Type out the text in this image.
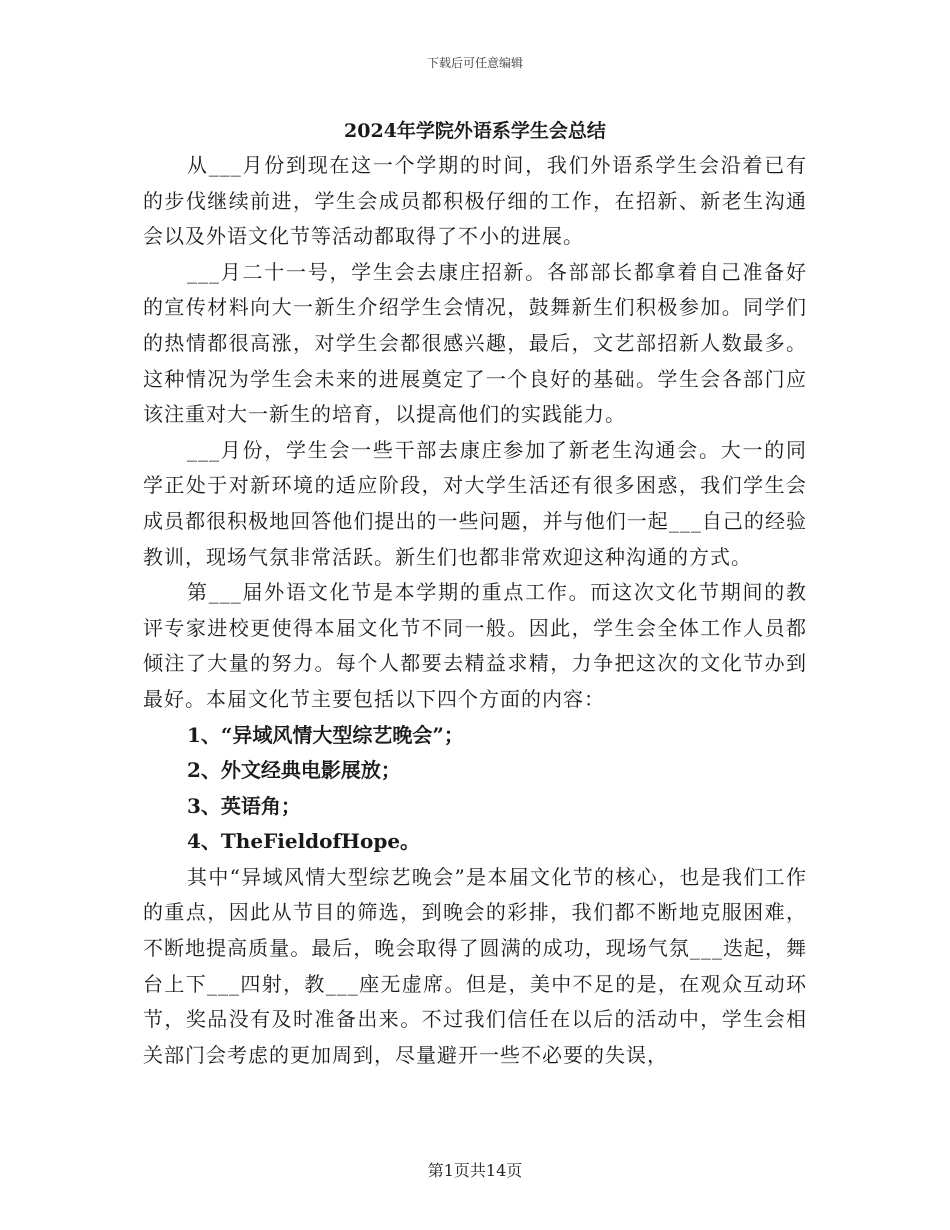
下载后可任意编辑
2024年学院外语系学生会总结

从___月份到现在这一个学期的时间，我们外语系学生会沿着已有的步伐继续前进，学生会成员都积极仔细的工作，在招新、新老生沟通会以及外语文化节等活动都取得了不小的进展。

___月二十一号，学生会去康庄招新。各部部长都拿着自己准备好的宣传材料向大一新生介绍学生会情况，鼓舞新生们积极参加。同学们的热情都很高涨，对学生会都很感兴趣，最后，文艺部招新人数最多。这种情况为学生会未来的进展奠定了一个良好的基础。学生会各部门应该注重对大一新生的培育，以提高他们的实践能力。

___月份，学生会一些干部去康庄参加了新老生沟通会。大一的同学正处于对新环境的适应阶段，对大学生活还有很多困惑，我们学生会成员都很积极地回答他们提出的一些问题，并与他们一起___自己的经验教训，现场气氛非常活跃。新生们也都非常欢迎这种沟通的方式。

第___届外语文化节是本学期的重点工作。而这次文化节期间的教评专家进校更使得本届文化节不同一般。因此，学生会全体工作人员都倾注了大量的努力。每个人都要去精益求精，力争把这次的文化节办到最好。本届文化节主要包括以下四个方面的内容：

1、“异域风情大型综艺晚会”；

2、外文经典电影展放；

3、英语角；

4、TheFieldofHope。

其中“异域风情大型综艺晚会”是本届文化节的核心，也是我们工作的重点，因此从节目的筛选，到晚会的彩排，我们都不断地克服困难，不断地提高质量。最后，晚会取得了圆满的成功，现场气氛___迭起，舞台上下___四射，教___座无虚席。但是，美中不足的是，在观众互动环节，奖品没有及时准备出来。不过我们信任在以后的活动中，学生会相关部门会考虑的更加周到，尽量避开一些不必要的失误，

第1页共14页
